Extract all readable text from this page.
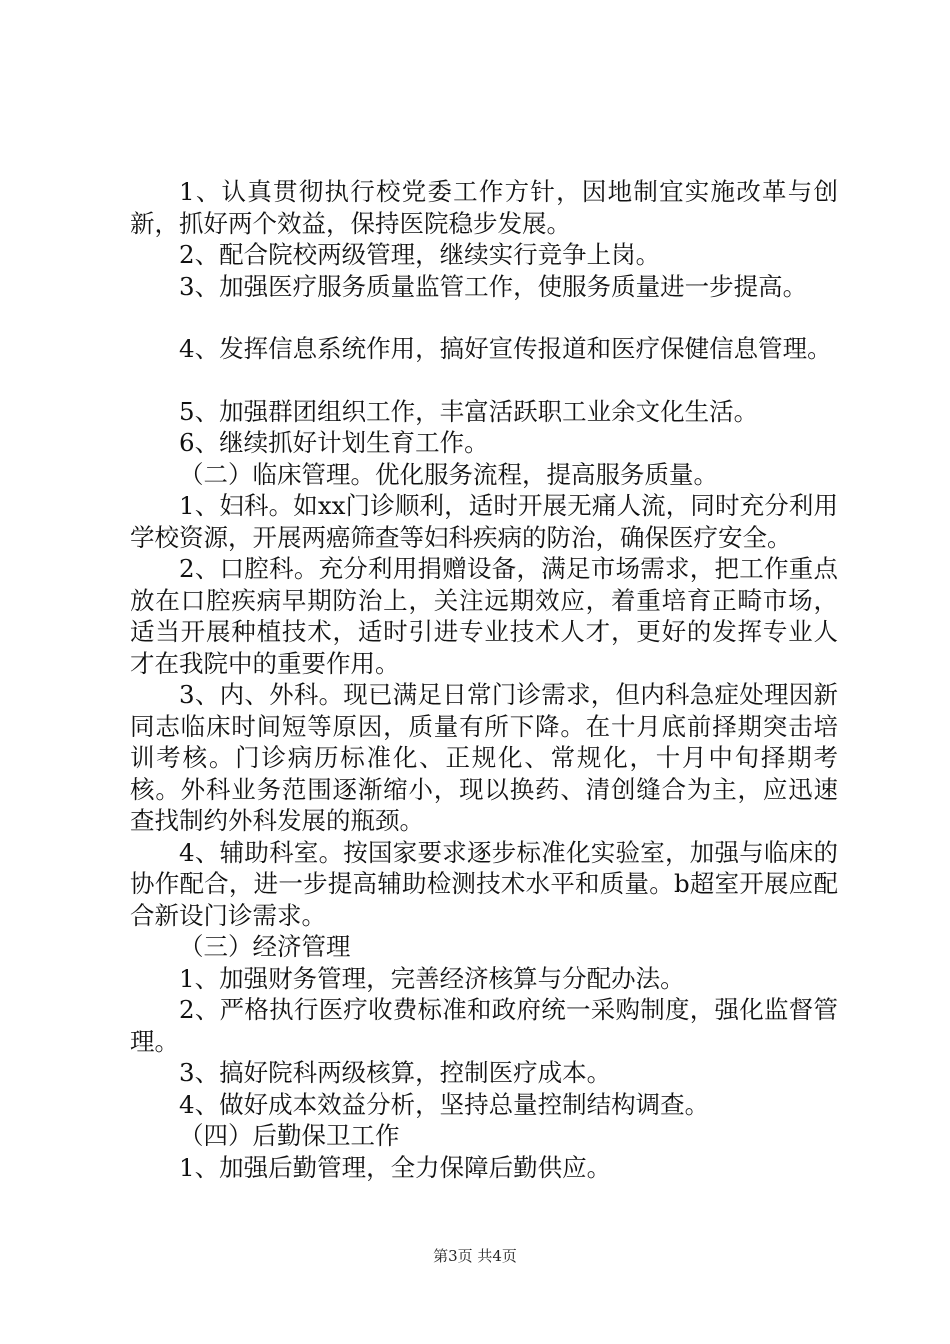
1、认真贯彻执行校党委工作方针，因地制宜实施改革与创新，抓好两个效益，保持医院稳步发展。

2、配合院校两级管理，继续实行竞争上岗。

3、加强医疗服务质量监管工作，使服务质量进一步提高。

4、发挥信息系统作用，搞好宣传报道和医疗保健信息管理。

5、加强群团组织工作，丰富活跃职工业余文化生活。

6、继续抓好计划生育工作。

（二）临床管理。优化服务流程，提高服务质量。

1、妇科。如xx门诊顺利，适时开展无痛人流，同时充分利用学校资源，开展两癌筛查等妇科疾病的防治，确保医疗安全。

2、口腔科。充分利用捐赠设备，满足市场需求，把工作重点放在口腔疾病早期防治上，关注远期效应，着重培育正畸市场，适当开展种植技术，适时引进专业技术人才，更好的发挥专业人才在我院中的重要作用。

3、内、外科。现已满足日常门诊需求，但内科急症处理因新同志临床时间短等原因，质量有所下降。在十月底前择期突击培训考核。门诊病历标准化、正规化、常规化，十月中旬择期考核。外科业务范围逐渐缩小，现以换药、清创缝合为主，应迅速查找制约外科发展的瓶颈。

4、辅助科室。按国家要求逐步标准化实验室，加强与临床的协作配合，进一步提高辅助检测技术水平和质量。b超室开展应配合新设门诊需求。

（三）经济管理

1、加强财务管理，完善经济核算与分配办法。

2、严格执行医疗收费标准和政府统一采购制度，强化监督管理。

3、搞好院科两级核算，控制医疗成本。

4、做好成本效益分析，坚持总量控制结构调查。

（四）后勤保卫工作

1、加强后勤管理，全力保障后勤供应。

第3页 共4页
